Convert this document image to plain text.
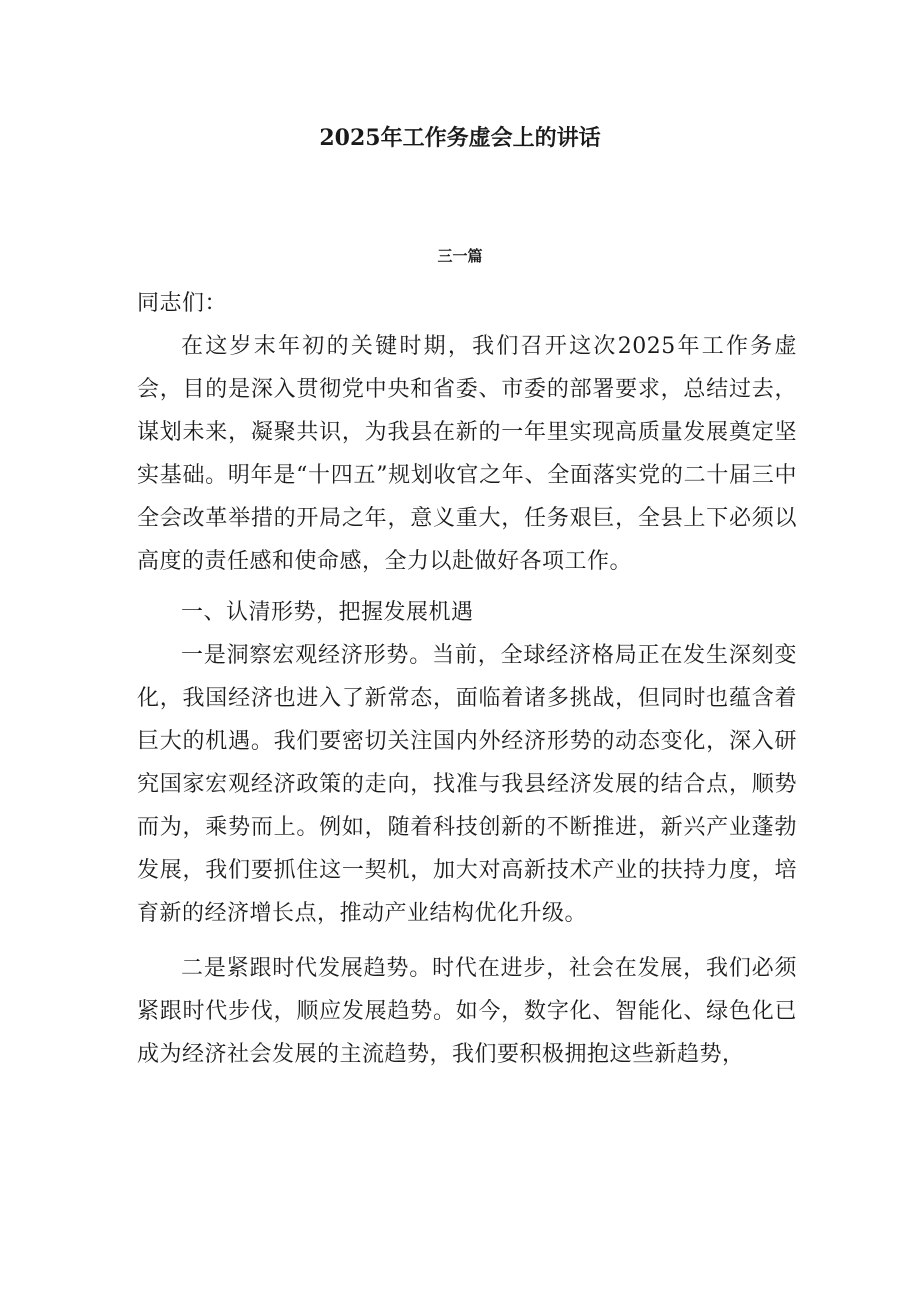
2025年工作务虚会上的讲话
三一篇

同志们：

在这岁末年初的关键时期，我们召开这次2025年工作务虚会，目的是深入贯彻党中央和省委、市委的部署要求，总结过去，谋划未来，凝聚共识，为我县在新的一年里实现高质量发展奠定坚实基础。明年是“十四五”规划收官之年、全面落实党的二十届三中全会改革举措的开局之年，意义重大，任务艰巨，全县上下必须以高度的责任感和使命感，全力以赴做好各项工作。

一、认清形势，把握发展机遇

一是洞察宏观经济形势。当前，全球经济格局正在发生深刻变化，我国经济也进入了新常态，面临着诸多挑战，但同时也蕴含着巨大的机遇。我们要密切关注国内外经济形势的动态变化，深入研究国家宏观经济政策的走向，找准与我县经济发展的结合点，顺势而为，乘势而上。例如，随着科技创新的不断推进，新兴产业蓬勃发展，我们要抓住这一契机，加大对高新技术产业的扶持力度，培育新的经济增长点，推动产业结构优化升级。

二是紧跟时代发展趋势。时代在进步，社会在发展，我们必须紧跟时代步伐，顺应发展趋势。如今，数字化、智能化、绿色化已成为经济社会发展的主流趋势，我们要积极拥抱这些新趋势，
